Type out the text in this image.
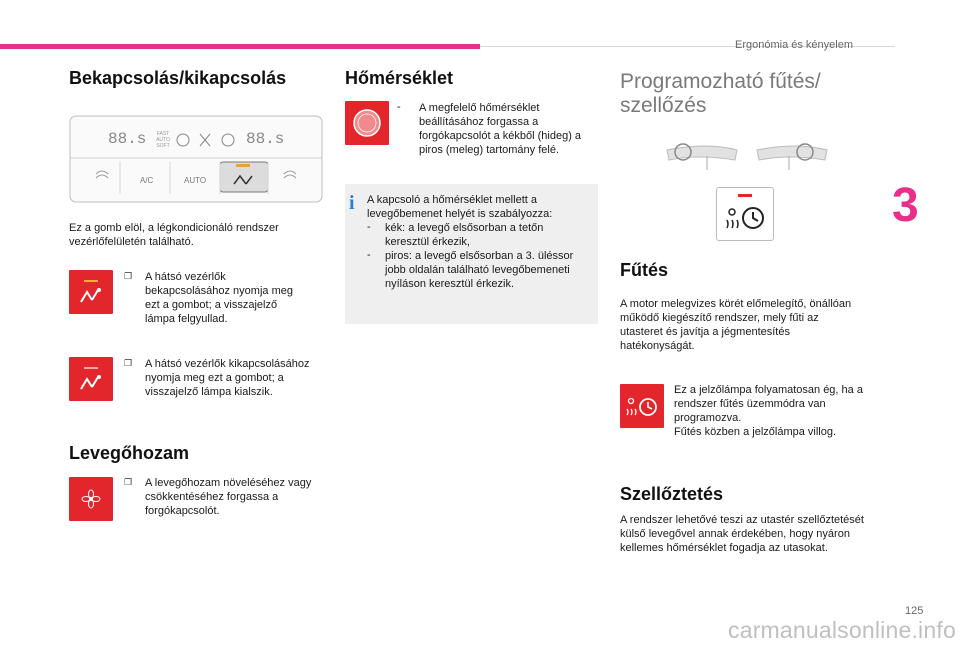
Ergonómia és kényelem
3
Bekapcsolás/kikapcsolás
88.s	FAST
AUTO
SOFT	88.s
A/C	AUTO

Ez a gomb elöl, a légkondicionáló rendszer vezérlőfelületén található.

❐ A hátsó vezérlők bekapcsolásához nyomja meg ezt a gombot; a visszajelző lámpa felgyullad.

❐ A hátsó vezérlők kikapcsolásához nyomja meg ezt a gombot; a visszajelző lámpa kialszik.

Levegőhozam
❐ A levegőhozam növeléséhez vagy csökkentéséhez forgassa a forgókapcsolót.

Hőmérséklet
- A megfelelő hőmérséklet beállításához forgassa a forgókapcsolót a kékből (hideg) a piros (meleg) tartomány felé.

i	A kapcsoló a hőmérséklet mellett a levegőbemenet helyét is szabályozza:

- kék: a levegő elsősorban a tetőn keresztül érkezik,

- piros: a levegő elsősorban a 3. üléssor jobb oldalán található levegőbemeneti nyíláson keresztül érkezik.

Programozható fűtés/ szellőzés
Fűtés

A motor melegvizes körét előmelegítő, önállóan működő kiegészítő rendszer, mely fűti az utasteret és javítja a jégmentesítés hatékonyságát.

Ez a jelzőlámpa folyamatosan ég, ha a rendszer fűtés üzemmódra van programozva.
Fűtés közben a jelzőlámpa villog.

Szellőztetés

A rendszer lehetővé teszi az utastér szellőztetését külső levegővel annak érdekében, hogy nyáron kellemes hőmérséklet fogadja az utasokat.

125
carmanualsonline.info
